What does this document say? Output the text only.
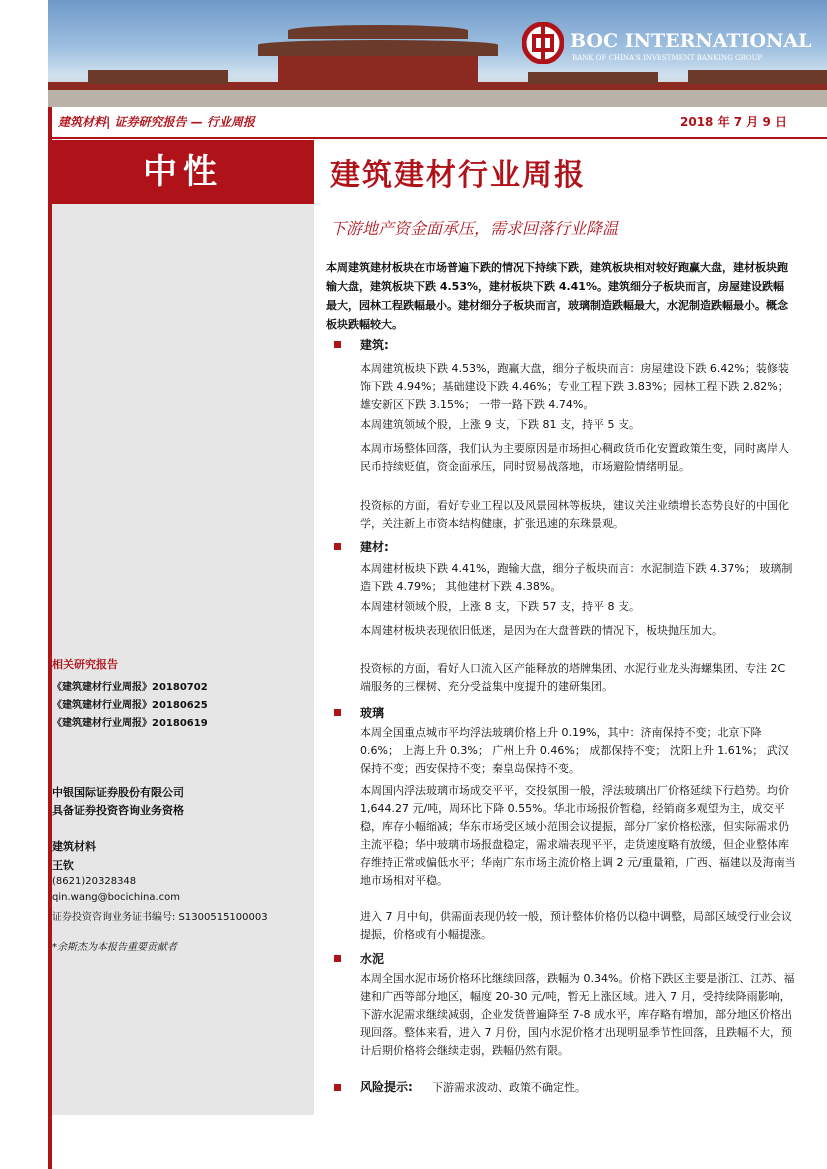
BOC INTERNATIONAL
BANK OF CHINA'S INVESTMENT BANKING GROUP
建筑材料| 证券研究报告 — 行业周报	2018 年 7 月 9 日
中性
相关研究报告
《建筑建材行业周报》20180702
《建筑建材行业周报》20180625
《建筑建材行业周报》20180619
中银国际证券股份有限公司
具备证券投资咨询业务资格
建筑材料
王钦
(8621)20328348
qin.wang@bocichina.com
证券投资咨询业务证书编号: S1300515100003
*余斯杰为本报告重要贡献者
建筑建材行业周报
下游地产资金面承压，需求回落行业降温
本周建筑建材板块在市场普遍下跌的情况下持续下跌，建筑板块相对较好跑赢大盘，建材板块跑输大盘，建筑板块下跌 4.53%，建材板块下跌 4.41%。建筑细分子板块而言，房屋建设跌幅最大，园林工程跌幅最小。建材细分子板块而言，玻璃制造跌幅最大，水泥制造跌幅最小。概念板块跌幅较大。
建筑:
本周建筑板块下跌 4.53%，跑赢大盘，细分子板块而言：房屋建设下跌 6.42%；装修装饰下跌 4.94%；基础建设下跌 4.46%；专业工程下跌 3.83%；园林工程下跌 2.82%； 雄安新区下跌 3.15%； 一带一路下跌 4.74%。
本周建筑领域个股，上涨 9 支，下跌 81 支，持平 5 支。
本周市场整体回落，我们认为主要原因是市场担心稠政货币化安置政策生变，同时离岸人民币持续贬值，资金面承压，同时贸易战落地，市场避险情绪明显。
投资标的方面，看好专业工程以及风景园林等板块，建议关注业绩增长态势良好的中国化学，关注新上市资本结构健康，扩张迅速的东珠景观。
建材:
本周建材板块下跌 4.41%，跑输大盘，细分子板块而言：水泥制造下跌 4.37%； 玻璃制造下跌 4.79%； 其他建材下跌 4.38%。
本周建材领域个股，上涨 8 支，下跌 57 支，持平 8 支。
本周建材板块表现依旧低迷，是因为在大盘普跌的情况下，板块抛压加大。
投资标的方面，看好人口流入区产能释放的塔牌集团、水泥行业龙头海螺集团、专注 2C 端服务的三棵树、充分受益集中度提升的建研集团。
玻璃
本周全国重点城市平均浮法玻璃价格上升 0.19%，其中：济南保持不变；北京下降 0.6%； 上海上升 0.3%； 广州上升 0.46%； 成都保持不变； 沈阳上升 1.61%； 武汉保持不变；西安保持不变；秦皇岛保持不变。
本周国内浮法玻璃市场成交平平，交投氛围一般，浮法玻璃出厂价格延续下行趋势。均价 1,644.27 元/吨，周环比下降 0.55%。华北市场报价暂稳，经销商多观望为主，成交平稳，库存小幅缩减；华东市场受区域小范围会议提振，部分厂家价格松涨，但实际需求仍主流平稳；华中玻璃市场报盘稳定，需求端表现平平，走货速度略有放缓，但企业整体库存维持正常或偏低水平；华南广东市场主流价格上调 2 元/重量箱，广西、福建以及海南当地市场相对平稳。
进入 7 月中旬，供需面表现仍较一般，预计整体价格仍以稳中调整，局部区域受行业会议提振，价格或有小幅提涨。
水泥
本周全国水泥市场价格环比继续回落，跌幅为 0.34%。价格下跌区主要是浙江、江苏、福建和广西等部分地区，幅度 20-30 元/吨，暂无上涨区域。进入 7 月，受持续降雨影响，下游水泥需求继续减弱，企业发货普遍降至 7-8 成水平，库存略有增加，部分地区价格出现回落。整体来看，进入 7 月份，国内水泥价格才出现明显季节性回落，且跌幅不大，预计后期价格将会继续走弱，跌幅仍然有限。
风险提示: 下游需求波动、政策不确定性。
